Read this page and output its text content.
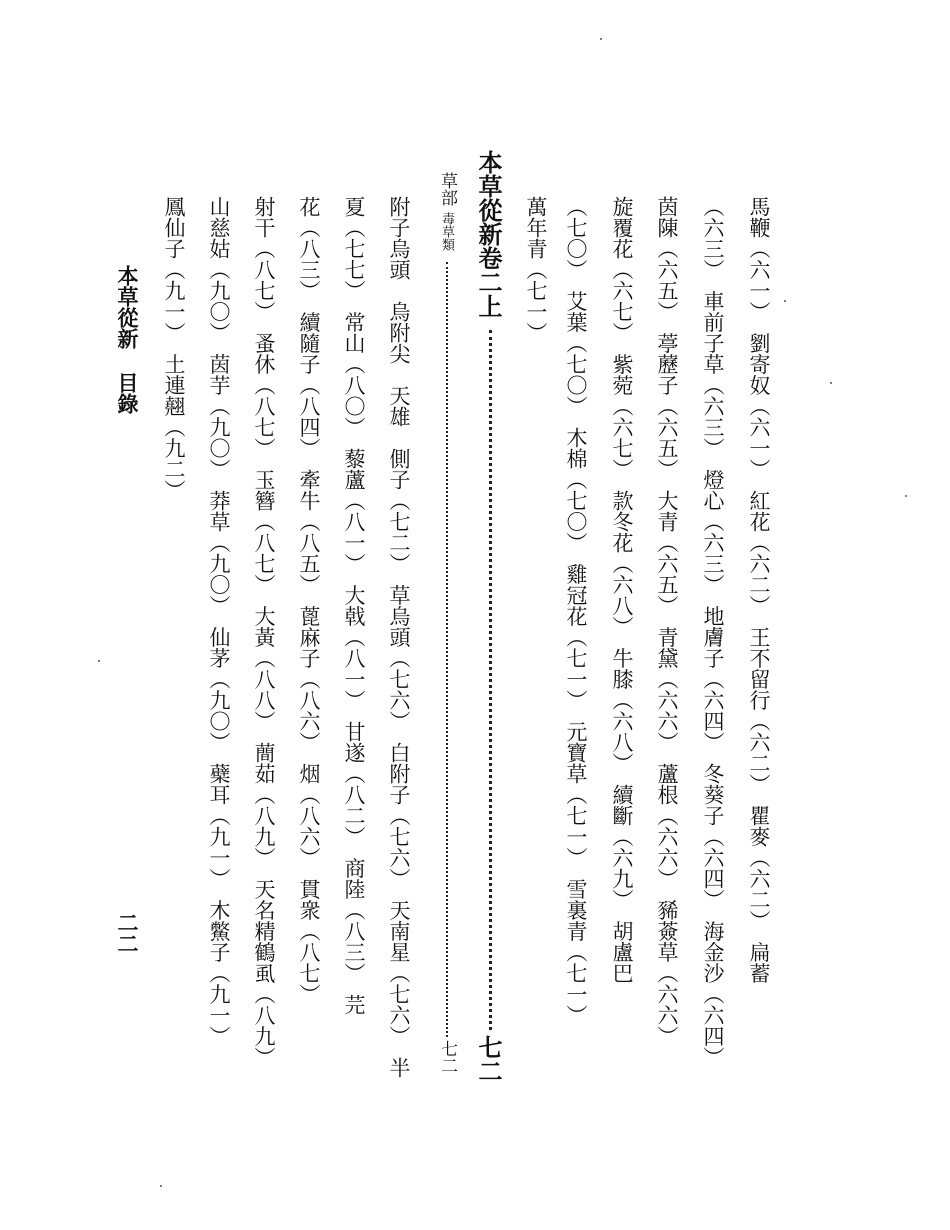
馬鞭（六一）　劉寄奴（六一）　紅花（六二）　王不留行（六二）　瞿麥（六二）　扁蓄
（六三）　車前子草（六三）　燈心（六三）　地膚子（六四）　冬葵子（六四）　海金沙（六四）
茵陳（六五）　葶藶子（六五）　大青（六五）　青黛（六六）　蘆根（六六）　豨薟草（六六）
旋覆花（六七）　紫菀（六七）　款冬花（六八）　牛膝（六八）　續斷（六九）　胡盧巴
（七〇）　艾葉（七〇）　木棉（七〇）　雞冠花（七一）　元寶草（七一）　雪裏青（七一）
萬年青（七一）
本草從新卷二上
七二
草部
毒草類
七二
附子烏頭　烏附尖　天雄　側子（七二）　草烏頭（七六）　白附子（七六）　天南星（七六）　半
夏（七七）　常山（八〇）　藜蘆（八一）　大戟（八一）　甘遂（八二）　商陸（八三）　芫
花（八三）　續隨子（八四）　牽牛（八五）　蓖麻子（八六）　烟（八六）　貫衆（八七）
射干（八七）　蚤休（八七）　玉簪（八七）　大黃（八八）　蕳茹（八九）　天名精鶴虱（八九）
山慈姑（九〇）　茵芋（九〇）　莽草（九〇）　仙茅（九〇）　蘗耳（九一）　木鱉子（九一）
鳳仙子（九一）　土連翹（九二）
本草從新
目錄
二二
